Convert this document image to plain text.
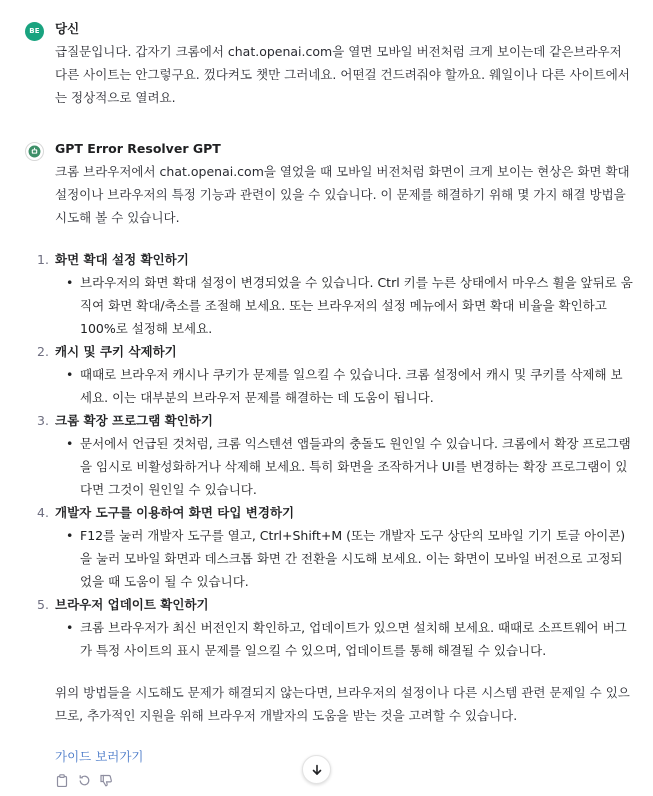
BE 당신
급질문입니다. 갑자기 크롬에서 chat.openai.com을 열면 모바일 버전처럼 크게 보이는데 같은브라우저 다른 사이트는 안그렇구요. 껐다켜도 챗만 그러네요. 어떤걸 건드려줘야 할까요. 웨일이나 다른 사이트에서는 정상적으로 열려요.
GPT Error Resolver GPT
크롬 브라우저에서 chat.openai.com을 열었을 때 모바일 버전처럼 화면이 크게 보이는 현상은 화면 확대 설정이나 브라우저의 특정 기능과 관련이 있을 수 있습니다. 이 문제를 해결하기 위해 몇 가지 해결 방법을 시도해 볼 수 있습니다.
1. 화면 확대 설정 확인하기
• 브라우저의 화면 확대 설정이 변경되었을 수 있습니다. Ctrl 키를 누른 상태에서 마우스 휠을 앞뒤로 움직여 화면 확대/축소를 조절해 보세요. 또는 브라우저의 설정 메뉴에서 화면 확대 비율을 확인하고 100%로 설정해 보세요.
2. 캐시 및 쿠키 삭제하기
• 때때로 브라우저 캐시나 쿠키가 문제를 일으킬 수 있습니다. 크롬 설정에서 캐시 및 쿠키를 삭제해 보세요. 이는 대부분의 브라우저 문제를 해결하는 데 도움이 됩니다.
3. 크롬 확장 프로그램 확인하기
• 문서에서 언급된 것처럼, 크롬 익스텐션 앱들과의 충돌도 원인일 수 있습니다. 크롬에서 확장 프로그램을 임시로 비활성화하거나 삭제해 보세요. 특히 화면을 조작하거나 UI를 변경하는 확장 프로그램이 있다면 그것이 원인일 수 있습니다.
4. 개발자 도구를 이용하여 화면 타입 변경하기
• F12를 눌러 개발자 도구를 열고, Ctrl+Shift+M (또는 개발자 도구 상단의 모바일 기기 토글 아이콘)을 눌러 모바일 화면과 데스크톱 화면 간 전환을 시도해 보세요. 이는 화면이 모바일 버전으로 고정되었을 때 도움이 될 수 있습니다.
5. 브라우저 업데이트 확인하기
• 크롬 브라우저가 최신 버전인지 확인하고, 업데이트가 있으면 설치해 보세요. 때때로 소프트웨어 버그가 특정 사이트의 표시 문제를 일으킬 수 있으며, 업데이트를 통해 해결될 수 있습니다.
위의 방법들을 시도해도 문제가 해결되지 않는다면, 브라우저의 설정이나 다른 시스템 관련 문제일 수 있으므로, 추가적인 지원을 위해 브라우저 개발자의 도움을 받는 것을 고려할 수 있습니다.
가이드 보러가기
